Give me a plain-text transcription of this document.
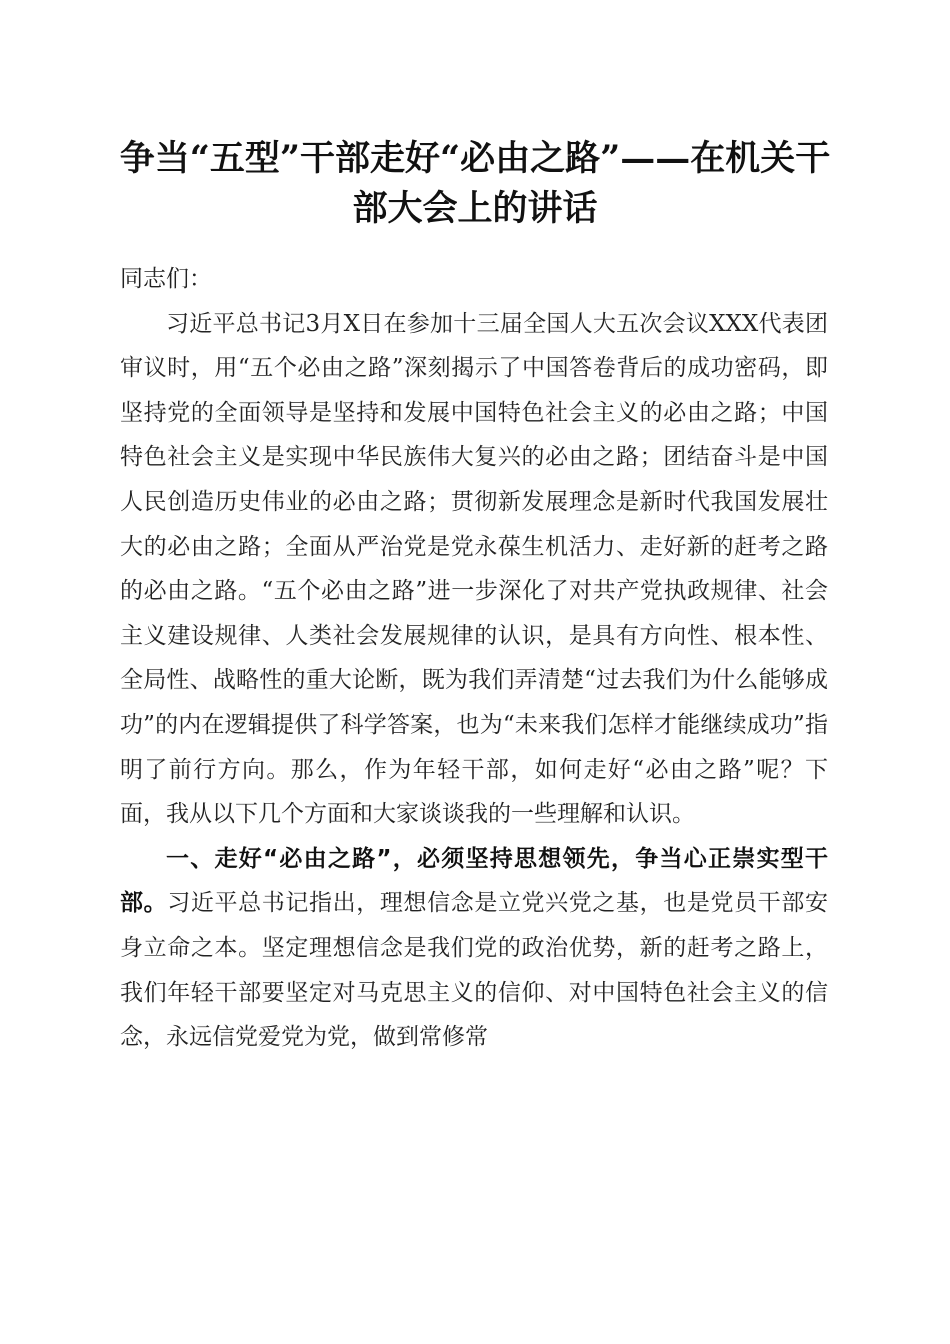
争当“五型”干部走好“必由之路”——在机关干部大会上的讲话

同志们：

习近平总书记3月X日在参加十三届全国人大五次会议XXX代表团审议时，用“五个必由之路”深刻揭示了中国答卷背后的成功密码，即坚持党的全面领导是坚持和发展中国特色社会主义的必由之路；中国特色社会主义是实现中华民族伟大复兴的必由之路；团结奋斗是中国人民创造历史伟业的必由之路；贯彻新发展理念是新时代我国发展壮大的必由之路；全面从严治党是党永葆生机活力、走好新的赶考之路的必由之路。“五个必由之路”进一步深化了对共产党执政规律、社会主义建设规律、人类社会发展规律的认识，是具有方向性、根本性、全局性、战略性的重大论断，既为我们弄清楚“过去我们为什么能够成功”的内在逻辑提供了科学答案，也为“未来我们怎样才能继续成功”指明了前行方向。那么，作为年轻干部，如何走好“必由之路”呢？下面，我从以下几个方面和大家谈谈我的一些理解和认识。

一、走好“必由之路”，必须坚持思想领先，争当心正崇实型干部。习近平总书记指出，理想信念是立党兴党之基，也是党员干部安身立命之本。坚定理想信念是我们党的政治优势，新的赶考之路上，我们年轻干部要坚定对马克思主义的信仰、对中国特色社会主义的信念，永远信党爱党为党，做到常修常
